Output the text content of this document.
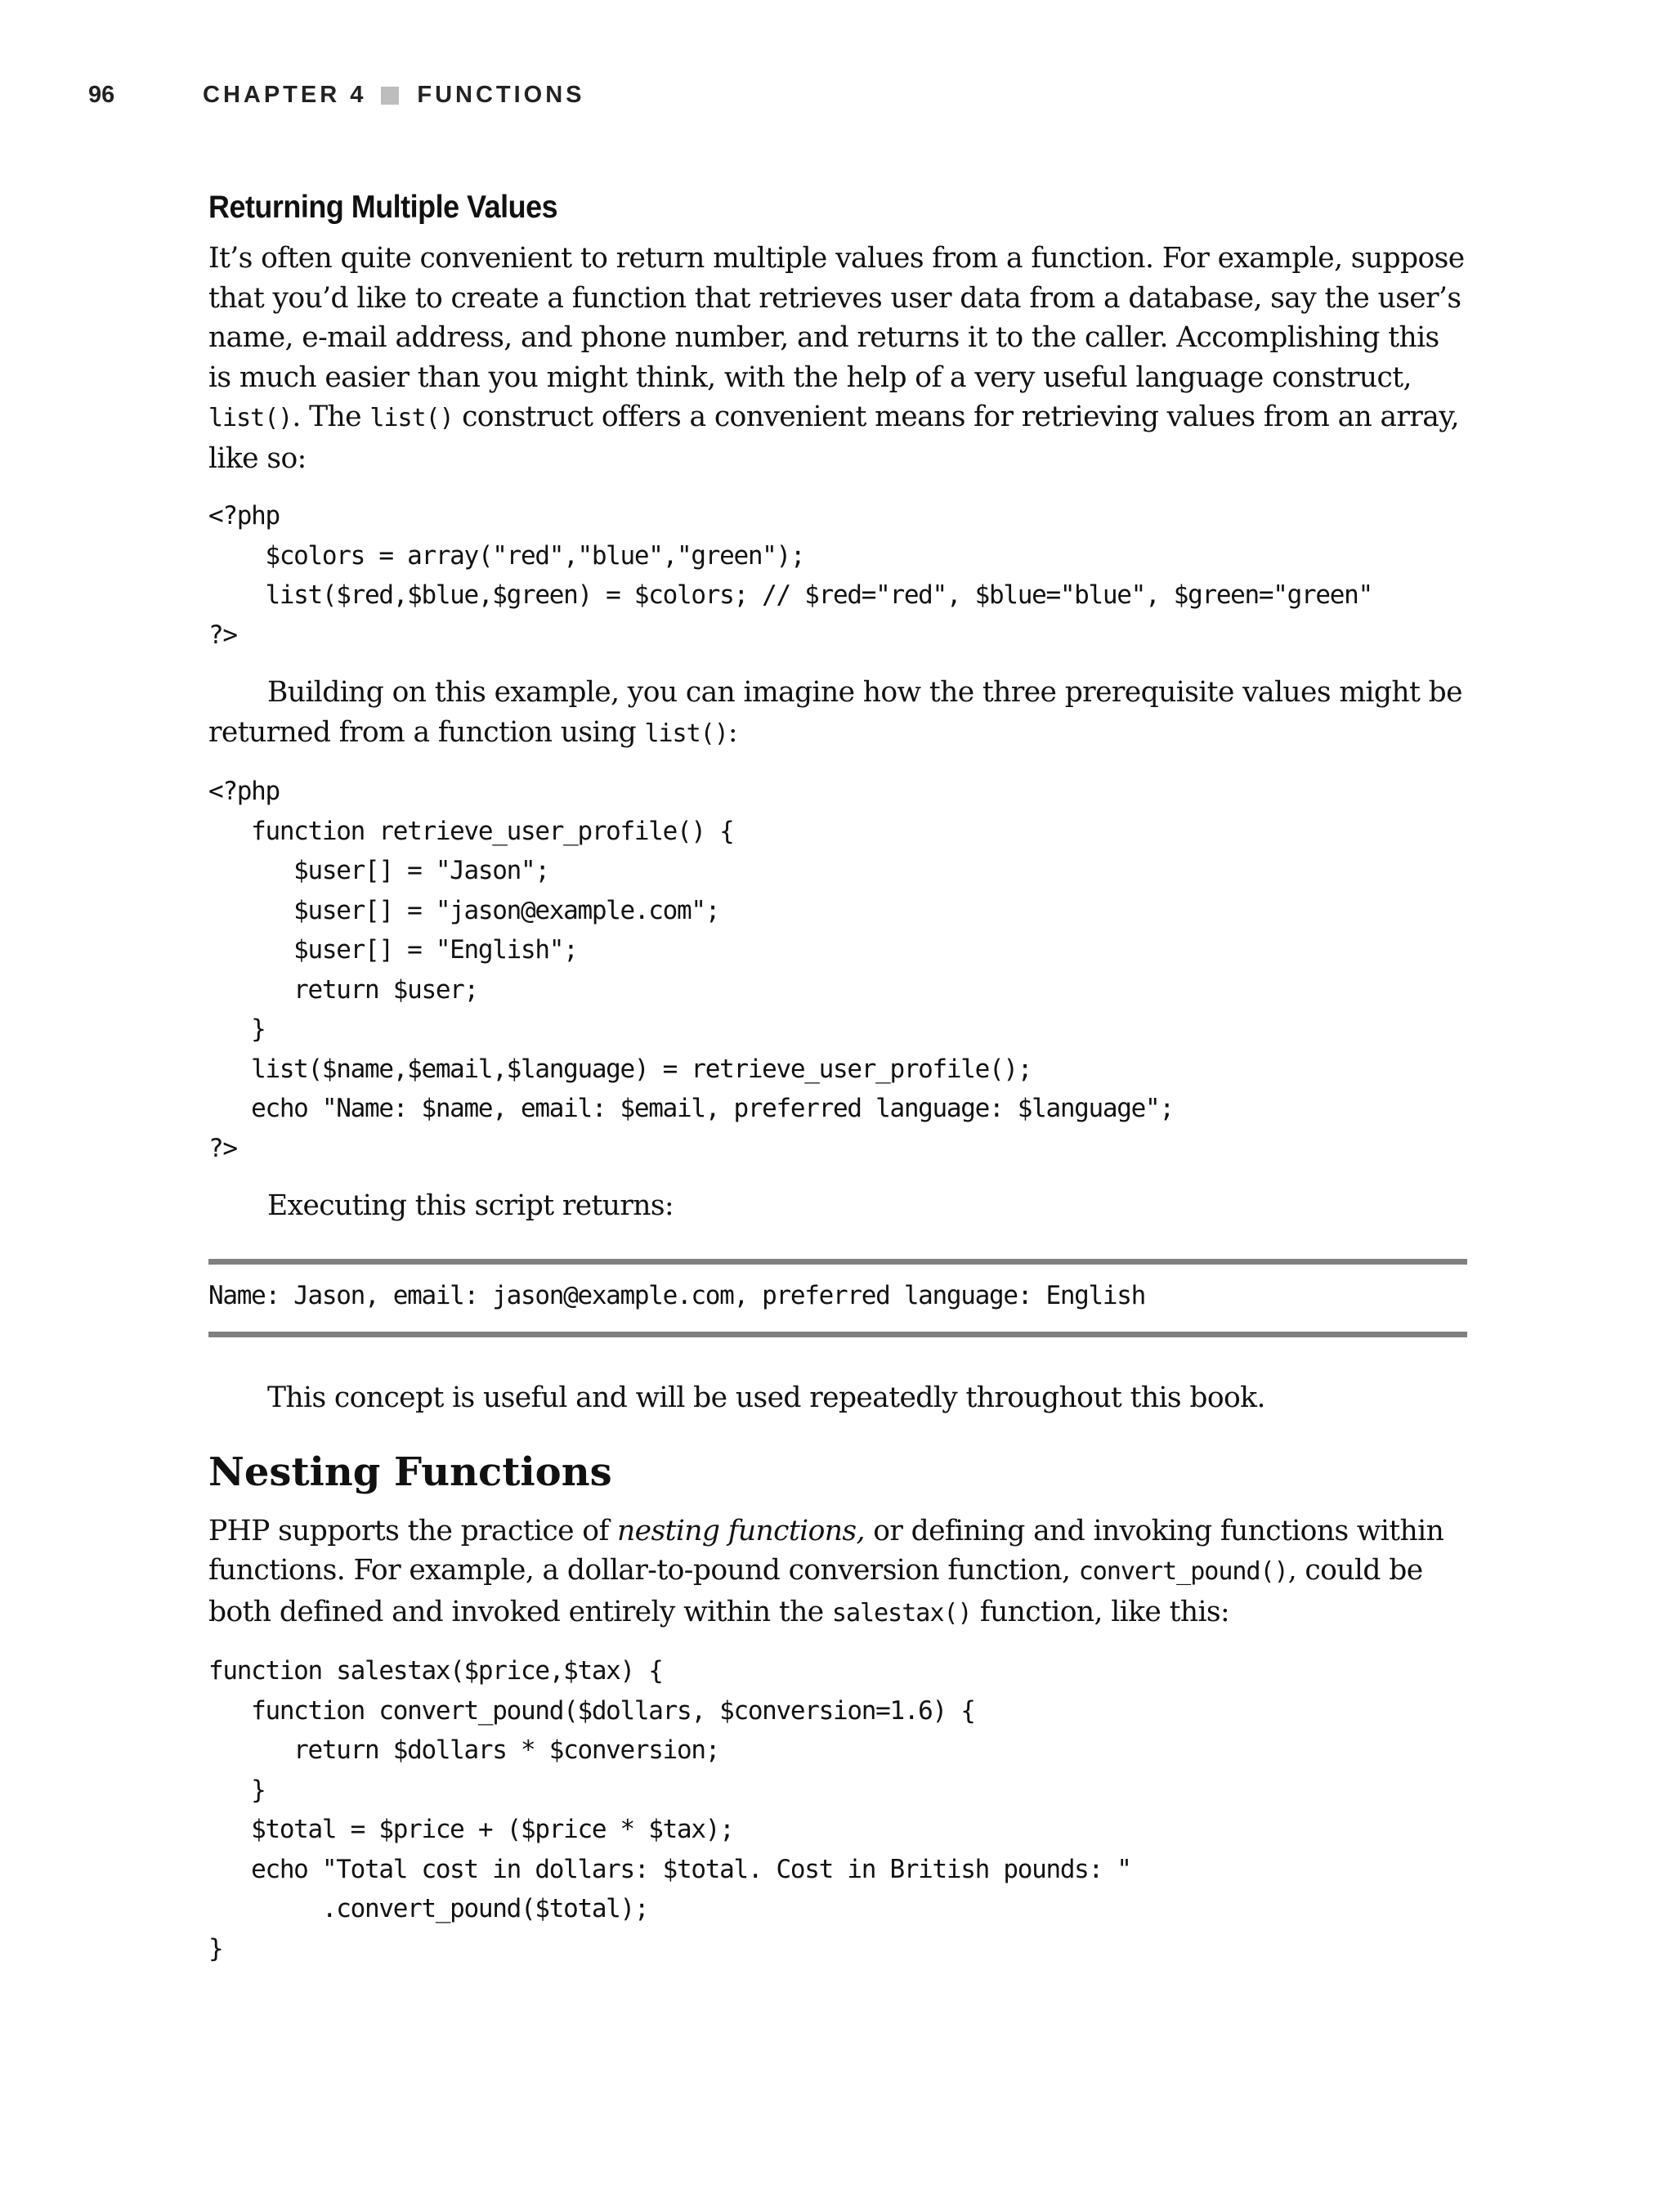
96	CHAPTER 4 FUNCTIONS
Returning Multiple Values

It’s often quite convenient to return multiple values from a function. For example, suppose that you’d like to create a function that retrieves user data from a database, say the user’s name, e-mail address, and phone number, and returns it to the caller. Accomplishing this is much easier than you might think, with the help of a very useful language construct, list(). The list() construct offers a convenient means for retrieving values from an array, like so:

<?php
$colors = array("red","blue","green");
list($red,$blue,$green) = $colors; // $red="red", $blue="blue", $green="green"
?>

Building on this example, you can imagine how the three prerequisite values might be returned from a function using list():

<?php
function retrieve_user_profile() {
$user[] = "Jason";
$user[] = "jason@example.com";
$user[] = "English";
return $user;
}
list($name,$email,$language) = retrieve_user_profile();
echo "Name: $name, email: $email, preferred language: $language";
?>

Executing this script returns:

Name: Jason, email: jason@example.com, preferred language: English

This concept is useful and will be used repeatedly throughout this book.

Nesting Functions

PHP supports the practice of nesting functions, or defining and invoking functions within functions. For example, a dollar-to-pound conversion function, convert_pound(), could be both defined and invoked entirely within the salestax() function, like this:

function salestax($price,$tax) {
function convert_pound($dollars, $conversion=1.6) {
return $dollars * $conversion;
}
$total = $price + ($price * $tax);
echo "Total cost in dollars: $total. Cost in British pounds: "
.convert_pound($total);
}
